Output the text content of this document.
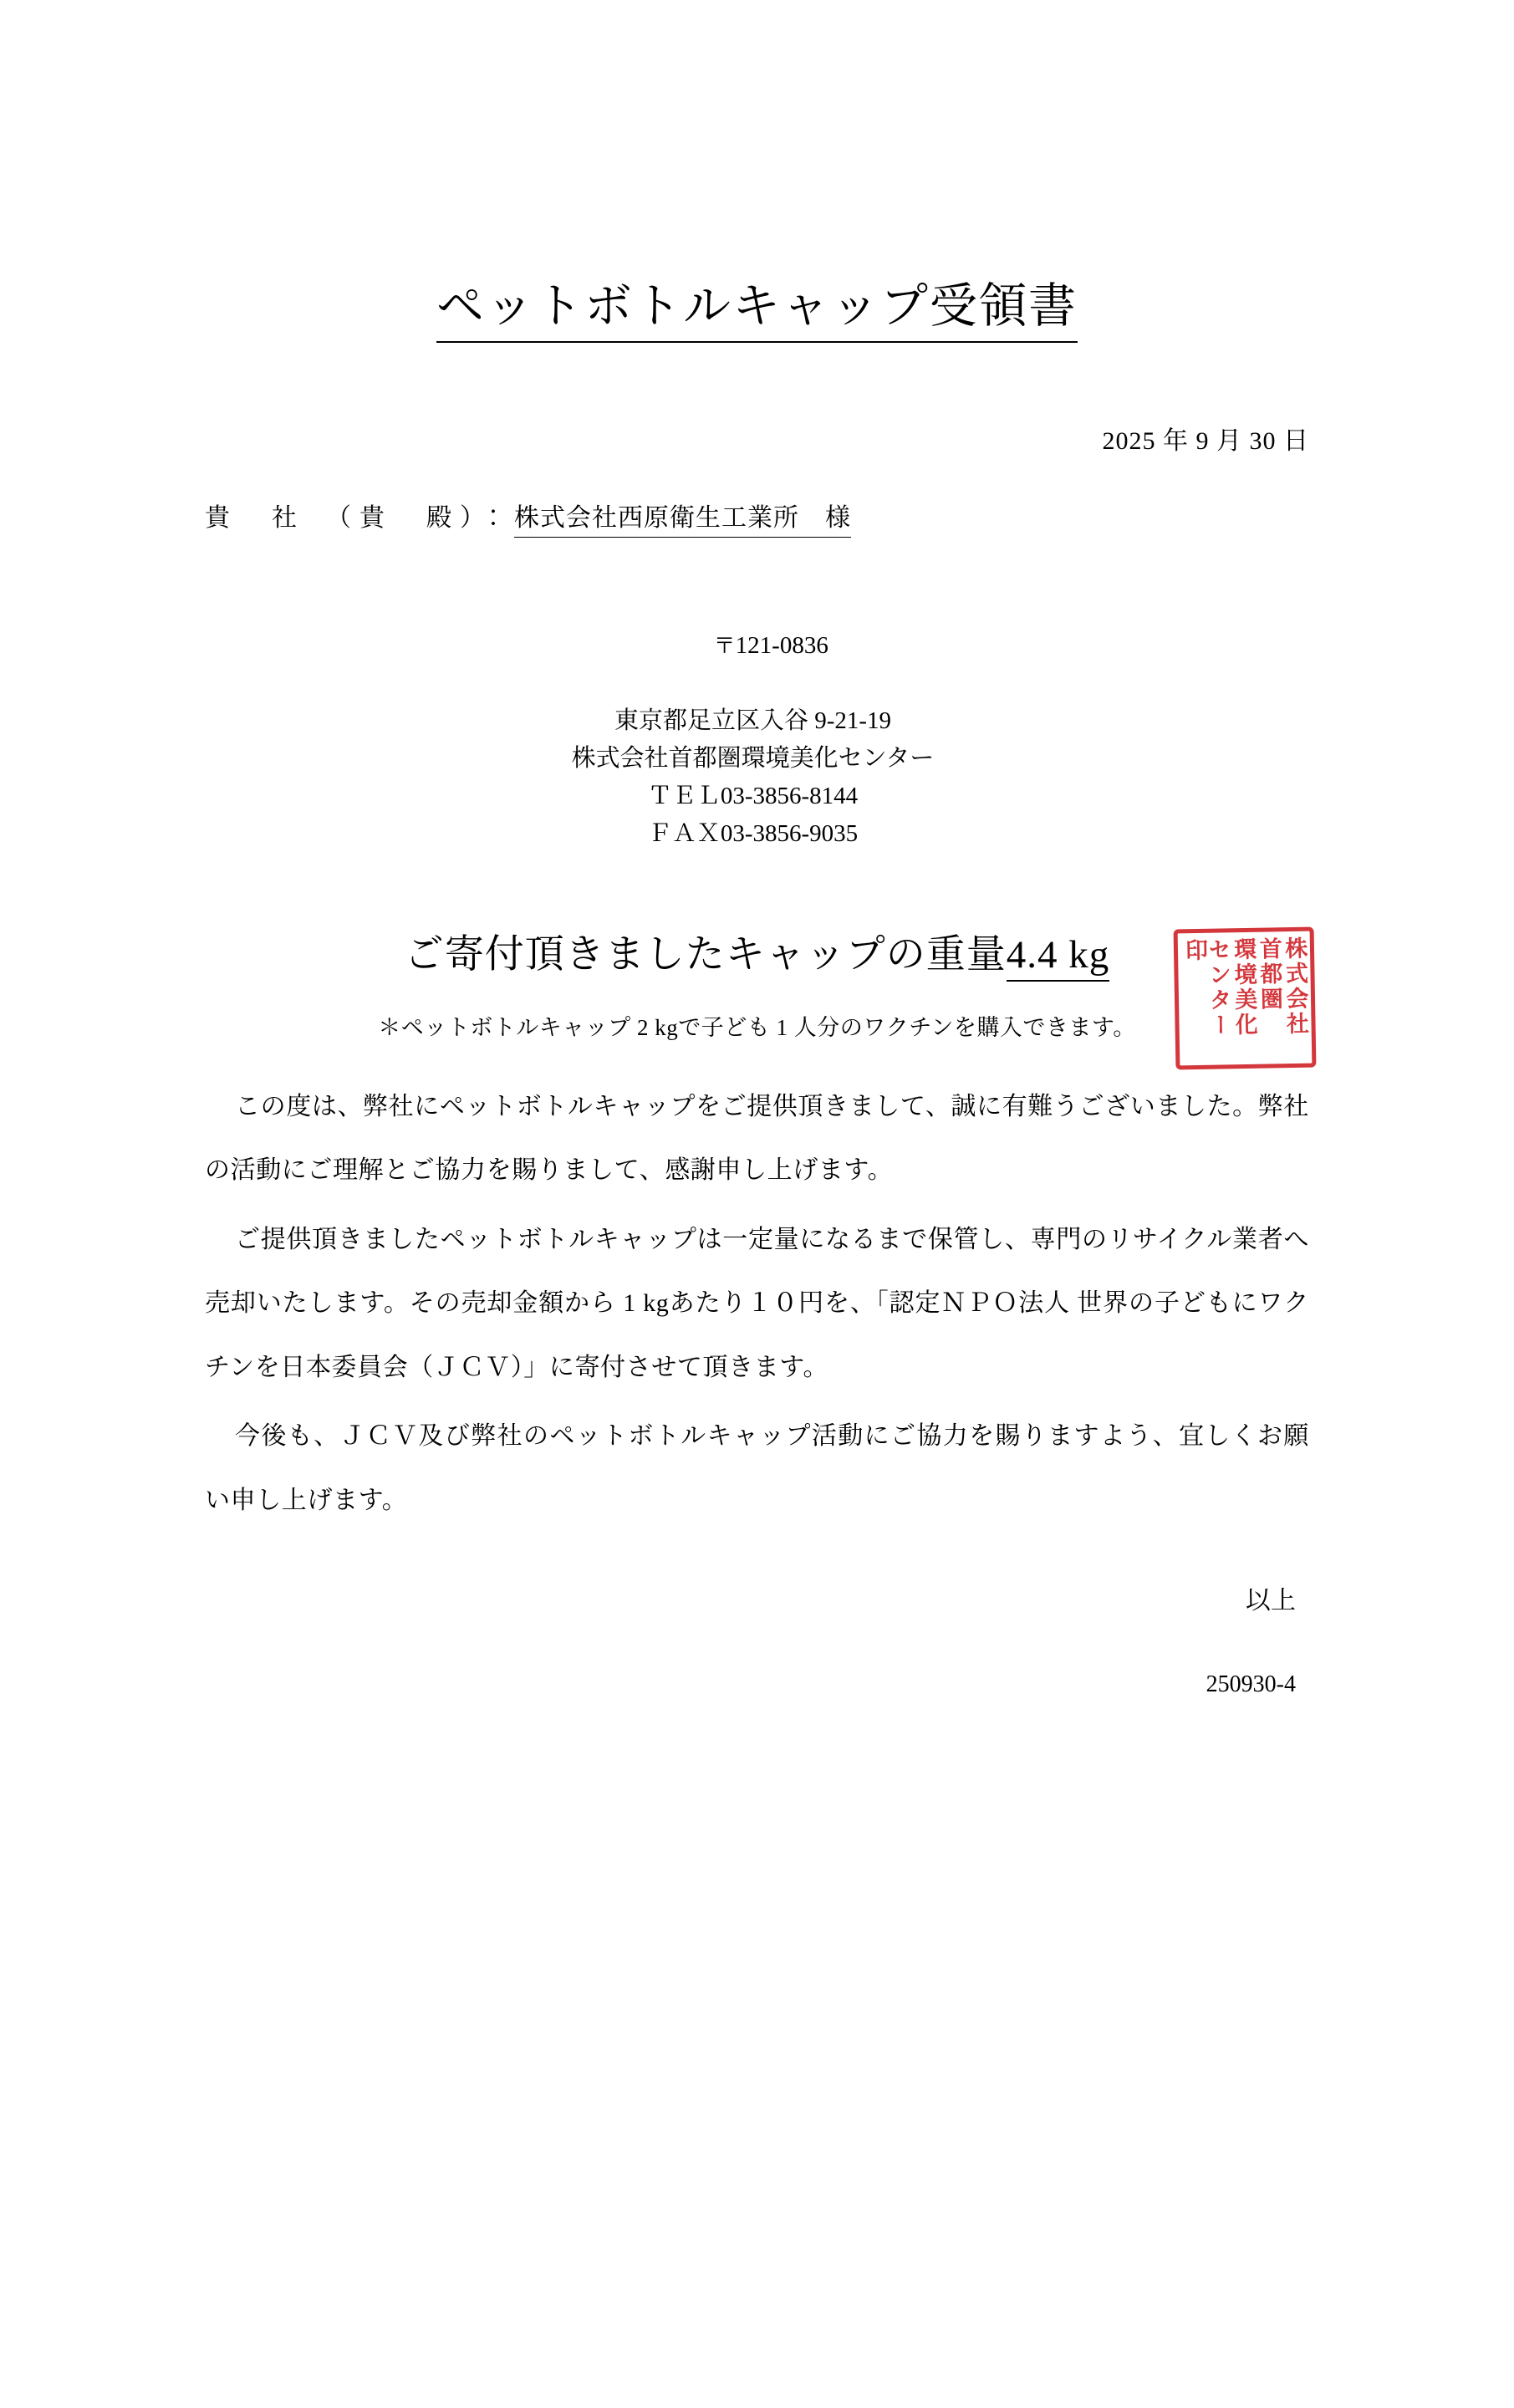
ペットボトルキャップ受領書
2025 年 9 月 30 日
貴　社　（貴　殿）： 株式会社西原衛生工業所　様

〒121-0836

東京都足立区入谷 9-21-19
株式会社首都圏環境美化センター
ＴＥＬ03-3856-8144
ＦＡＸ03-3856-9035
株式会社
首都圏
環境美化
センター印
ご寄付頂きましたキャップの重量4.4 kg
＊ペットボトルキャップ 2 kgで子ども 1 人分のワクチンを購入できます。

この度は、弊社にペットボトルキャップをご提供頂きまして、誠に有難うございました。弊社の活動にご理解とご協力を賜りまして、感謝申し上げます。

ご提供頂きましたペットボトルキャップは一定量になるまで保管し、専門のリサイクル業者へ売却いたします。その売却金額から 1 kgあたり１０円を、「認定ＮＰＯ法人 世界の子どもにワクチンを日本委員会（ＪＣＶ）」に寄付させて頂きます。

今後も、ＪＣＶ及び弊社のペットボトルキャップ活動にご協力を賜りますよう、宜しくお願い申し上げます。

以上
250930-4
